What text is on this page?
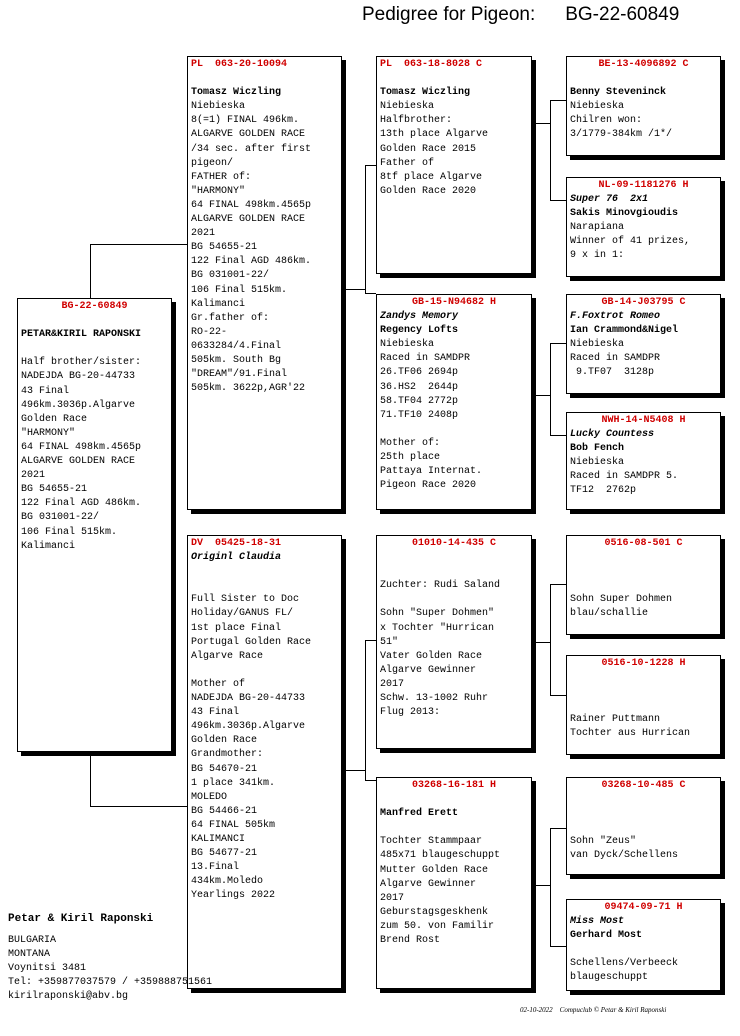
Pedigree for Pigeon: BG-22-60849
BG-22-60849
PETAR&KIRIL RAPONSKI
Half brother/sister:
NADEJDA BG-20-44733
43 Final
496km.3036p.Algarve
Golden Race
"HARMONY"
64 FINAL 498km.4565p
ALGARVE GOLDEN RACE
2021
BG 54655-21
122 Final AGD 486km.
BG 031001-22/
106 Final 515km.
Kalimanci
PL  063-20-10094
Tomasz Wiczling
Niebieska
8(=1) FINAL 496km.
ALGARVE GOLDEN RACE
/34 sec. after first
pigeon/
FATHER of:
"HARMONY"
64 FINAL 498km.4565p
ALGARVE GOLDEN RACE
2021
BG 54655-21
122 Final AGD 486km.
BG 031001-22/
106 Final 515km.
Kalimanci
Gr.father of:
RO-22-
0633284/4.Final
505km. South Bg
"DREAM"/91.Final
505km. 3622p,AGR'22
DV  05425-18-31
Originl Claudia
Full Sister to Doc
Holiday/GANUS FL/
1st place Final
Portugal Golden Race
Algarve Race
Mother of
NADEJDA BG-20-44733
43 Final
496km.3036p.Algarve
Golden Race
Grandmother:
BG 54670-21
1 place 341km.
MOLEDO
BG 54466-21
64 FINAL 505km
KALIMANCI
BG 54677-21
13.Final
434km.Moledo
Yearlings 2022
PL  063-18-8028 C
Tomasz Wiczling
Niebieska
Halfbrother:
13th place Algarve
Golden Race 2015
Father of
8tf place Algarve
Golden Race 2020
GB-15-N94682 H
Zandys Memory
Regency Lofts
Niebieska
Raced in SAMDPR
26.TF06 2694p
36.HS2  2644p
58.TF04 2772p
71.TF10 2408p
Mother of:
25th place
Pattaya Internat.
Pigeon Race 2020
01010-14-435 C
Zuchter: Rudi Saland
Sohn "Super Dohmen"
x Tochter "Hurrican
51"
Vater Golden Race
Algarve Gewinner
2017
Schw. 13-1002 Ruhr
Flug 2013:
03268-16-181 H
Manfred Erett
Tochter Stammpaar
485x71 blaugeschuppt
Mutter Golden Race
Algarve Gewinner
2017
Geburstagsgeskhenk
zum 50. von Familir
Brend Rost
BE-13-4096892 C
Benny Steveninck
Niebieska
Chilren won:
3/1779-384km /1*/
NL-09-1181276 H
Super 76  2x1
Sakis Minovgioudis
Narapiana
Winner of 41 prizes,
9 x in 1:
GB-14-J03795 C
F.Foxtrot Romeo
Ian Crammond&Nigel
Niebieska
Raced in SAMDPR
9.TF07  3128p
NWH-14-N5408 H
Lucky Countess
Bob Fench
Niebieska
Raced in SAMDPR 5.
TF12  2762p
0516-08-501 C
Sohn Super Dohmen
blau/schallie
0516-10-1228 H
Rainer Puttmann
Tochter aus Hurrican
03268-10-485 C
Sohn "Zeus"
van Dyck/Schellens
09474-09-71 H
Miss Most
Gerhard Most
Schellens/Verbeeck
blaugeschuppt
Petar & Kiril Raponski
BULGARIA
MONTANA
Voynitsi 3481
Tel: +359877037579 / +359888751561
kirilraponski@abv.bg
02-10-2022 Compuclub © Petar & Kiril Raponski
